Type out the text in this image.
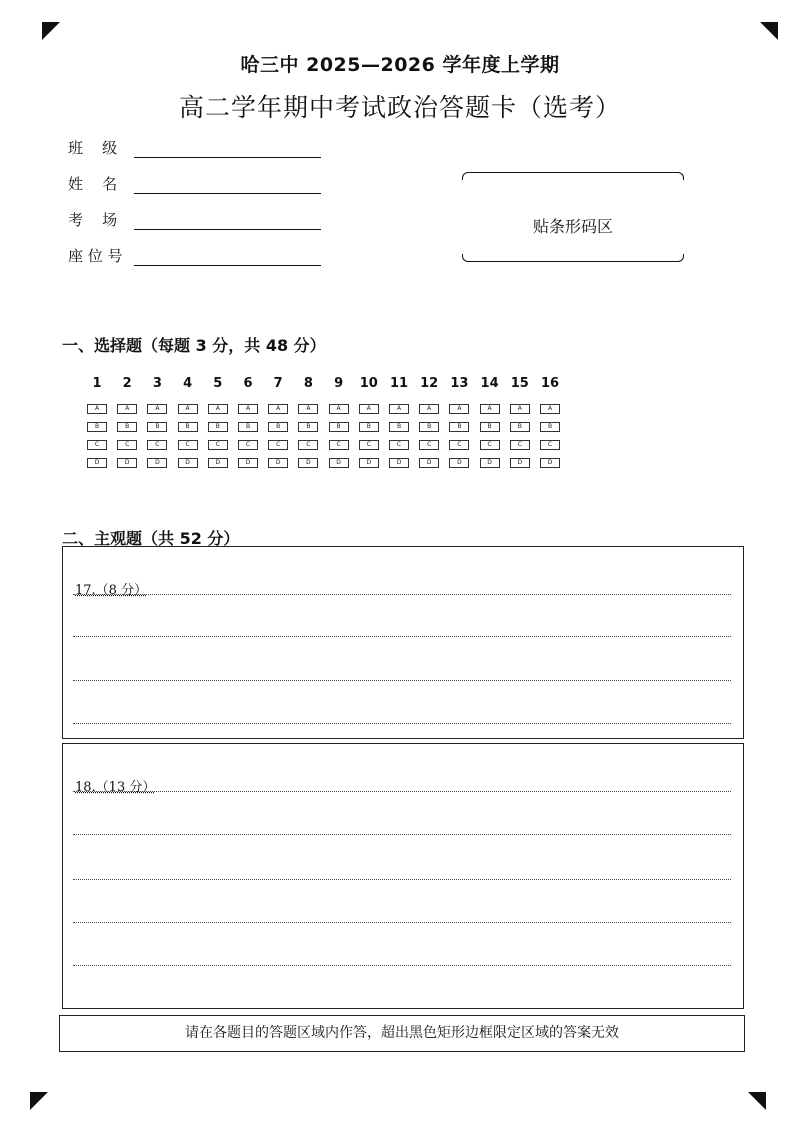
哈三中 2025—2026 学年度上学期
高二学年期中考试政治答题卡（选考）
班    级
姓    名
考    场
座 位 号
贴条形码区
一、选择题（每题 3 分，共 48 分）
1
A
B
C
D
2
A
B
C
D
3
A
B
C
D
4
A
B
C
D
5
A
B
C
D
6
A
B
C
D
7
A
B
C
D
8
A
B
C
D
9
A
B
C
D
10
A
B
C
D
11
A
B
C
D
12
A
B
C
D
13
A
B
C
D
14
A
B
C
D
15
A
B
C
D
16
A
B
C
D
二、主观题（共 52 分）
17.（8 分）
18.（13 分）
请在各题目的答题区域内作答，超出黑色矩形边框限定区域的答案无效
